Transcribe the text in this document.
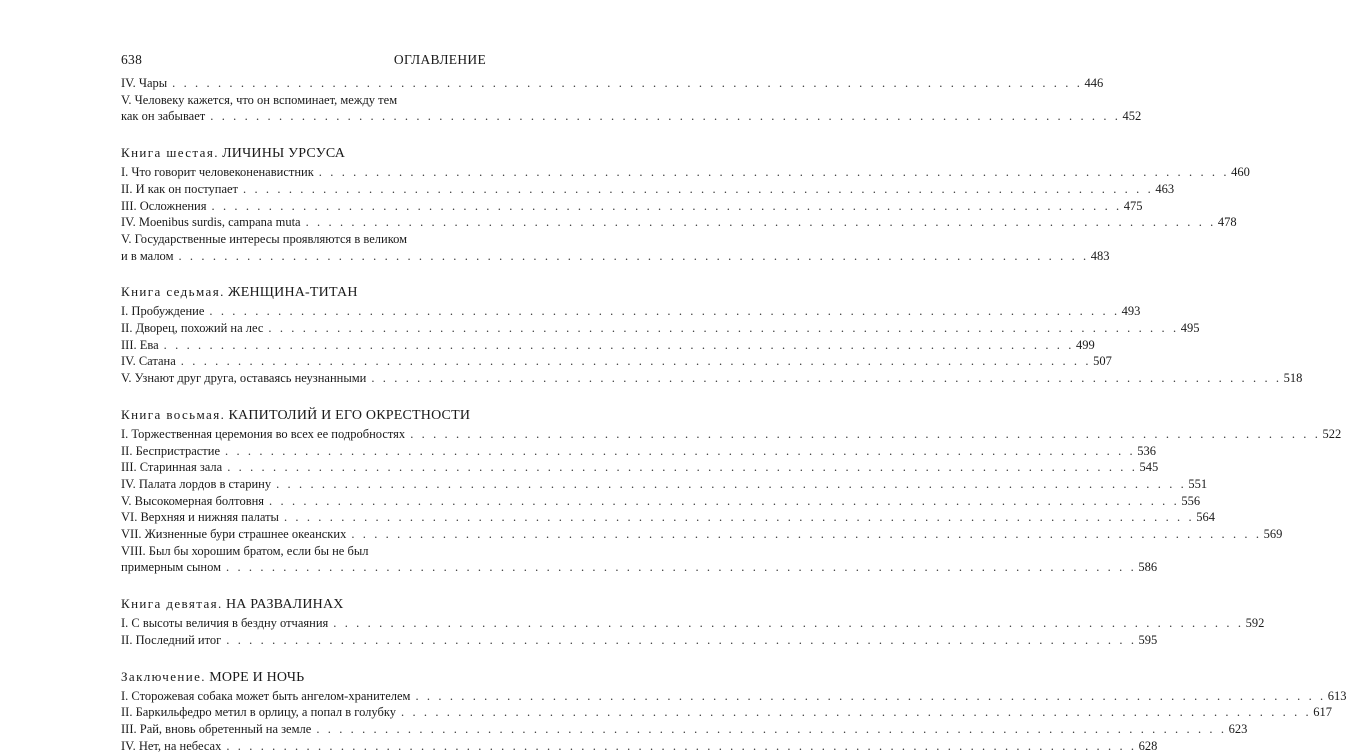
638	ОГЛАВЛЕНИЕ
IV. Чары . . . . . . . . . . . . . . . . . . . . . . . . . . . . . . . . . . . . . . . . . . . . . . . . . . . . . . . . . . . . . . . . . . . . . . . . . . . . . . . . 446
V. Человеку кажется, что он вспоминает, между тем
как он забывает . . . . . . . . . . . . . . . . . . . . . . . . . . . . . . . . . . . . . . . . . . . . . . . . . . . . . . . . . . . . . . . . . . . . . . . . . . . . . . . . 452
Книга шестая. ЛИЧИНЫ УРСУСА
I. Что говорит человеконенавистник . . . . . . . . . . . . . . . . . . . . . . . . . . . . . . . . . . . . . . . . . . . . . . . . . . . . . . . . . . . . . . . . . . . . . . . . . . . . . . . . 460
II. И как он поступает . . . . . . . . . . . . . . . . . . . . . . . . . . . . . . . . . . . . . . . . . . . . . . . . . . . . . . . . . . . . . . . . . . . . . . . . . . . . . . . . 463
III. Осложнения . . . . . . . . . . . . . . . . . . . . . . . . . . . . . . . . . . . . . . . . . . . . . . . . . . . . . . . . . . . . . . . . . . . . . . . . . . . . . . . . 475
IV. Moenibus surdis, campana muta . . . . . . . . . . . . . . . . . . . . . . . . . . . . . . . . . . . . . . . . . . . . . . . . . . . . . . . . . . . . . . . . . . . . . . . . . . . . . . . . 478
V. Государственные интересы проявляются в великом
и в малом . . . . . . . . . . . . . . . . . . . . . . . . . . . . . . . . . . . . . . . . . . . . . . . . . . . . . . . . . . . . . . . . . . . . . . . . . . . . . . . . 483
Книга седьмая. ЖЕНЩИНА-ТИТАН
I. Пробуждение . . . . . . . . . . . . . . . . . . . . . . . . . . . . . . . . . . . . . . . . . . . . . . . . . . . . . . . . . . . . . . . . . . . . . . . . . . . . . . . . 493
II. Дворец, похожий на лес . . . . . . . . . . . . . . . . . . . . . . . . . . . . . . . . . . . . . . . . . . . . . . . . . . . . . . . . . . . . . . . . . . . . . . . . . . . . . . . . 495
III. Ева . . . . . . . . . . . . . . . . . . . . . . . . . . . . . . . . . . . . . . . . . . . . . . . . . . . . . . . . . . . . . . . . . . . . . . . . . . . . . . . . 499
IV. Сатана . . . . . . . . . . . . . . . . . . . . . . . . . . . . . . . . . . . . . . . . . . . . . . . . . . . . . . . . . . . . . . . . . . . . . . . . . . . . . . . . 507
V. Узнают друг друга, оставаясь неузнанными . . . . . . . . . . . . . . . . . . . . . . . . . . . . . . . . . . . . . . . . . . . . . . . . . . . . . . . . . . . . . . . . . . . . . . . . . . . . . . . . 518
Книга восьмая. КАПИТОЛИЙ И ЕГО ОКРЕСТНОСТИ
I. Торжественная церемония во всех ее подробностях . . . . . . . . . . . . . . . . . . . . . . . . . . . . . . . . . . . . . . . . . . . . . . . . . . . . . . . . . . . . . . . . . . . . . . . . . . . . . . . . 522
II. Беспристрастие . . . . . . . . . . . . . . . . . . . . . . . . . . . . . . . . . . . . . . . . . . . . . . . . . . . . . . . . . . . . . . . . . . . . . . . . . . . . . . . . 536
III. Старинная зала . . . . . . . . . . . . . . . . . . . . . . . . . . . . . . . . . . . . . . . . . . . . . . . . . . . . . . . . . . . . . . . . . . . . . . . . . . . . . . . . 545
IV. Палата лордов в старину . . . . . . . . . . . . . . . . . . . . . . . . . . . . . . . . . . . . . . . . . . . . . . . . . . . . . . . . . . . . . . . . . . . . . . . . . . . . . . . . 551
V. Высокомерная болтовня . . . . . . . . . . . . . . . . . . . . . . . . . . . . . . . . . . . . . . . . . . . . . . . . . . . . . . . . . . . . . . . . . . . . . . . . . . . . . . . . 556
VI. Верхняя и нижняя палаты . . . . . . . . . . . . . . . . . . . . . . . . . . . . . . . . . . . . . . . . . . . . . . . . . . . . . . . . . . . . . . . . . . . . . . . . . . . . . . . . 564
VII. Жизненные бури страшнее океанских . . . . . . . . . . . . . . . . . . . . . . . . . . . . . . . . . . . . . . . . . . . . . . . . . . . . . . . . . . . . . . . . . . . . . . . . . . . . . . . . 569
VIII. Был бы хорошим братом, если бы не был
примерным сыном . . . . . . . . . . . . . . . . . . . . . . . . . . . . . . . . . . . . . . . . . . . . . . . . . . . . . . . . . . . . . . . . . . . . . . . . . . . . . . . . 586
Книга девятая. НА РАЗВАЛИНАХ
I. С высоты величия в бездну отчаяния . . . . . . . . . . . . . . . . . . . . . . . . . . . . . . . . . . . . . . . . . . . . . . . . . . . . . . . . . . . . . . . . . . . . . . . . . . . . . . . . 592
II. Последний итог . . . . . . . . . . . . . . . . . . . . . . . . . . . . . . . . . . . . . . . . . . . . . . . . . . . . . . . . . . . . . . . . . . . . . . . . . . . . . . . . 595
Заключение. МОРЕ И НОЧЬ
I. Сторожевая собака может быть ангелом-хранителем . . . . . . . . . . . . . . . . . . . . . . . . . . . . . . . . . . . . . . . . . . . . . . . . . . . . . . . . . . . . . . . . . . . . . . . . . . . . . . . . 613
II. Баркильфедро метил в орлицу, а попал в голубку . . . . . . . . . . . . . . . . . . . . . . . . . . . . . . . . . . . . . . . . . . . . . . . . . . . . . . . . . . . . . . . . . . . . . . . . . . . . . . . . 617
III. Рай, вновь обретенный на земле . . . . . . . . . . . . . . . . . . . . . . . . . . . . . . . . . . . . . . . . . . . . . . . . . . . . . . . . . . . . . . . . . . . . . . . . . . . . . . . . 623
IV. Нет, на небесах . . . . . . . . . . . . . . . . . . . . . . . . . . . . . . . . . . . . . . . . . . . . . . . . . . . . . . . . . . . . . . . . . . . . . . . . . . . . . . . . 628
